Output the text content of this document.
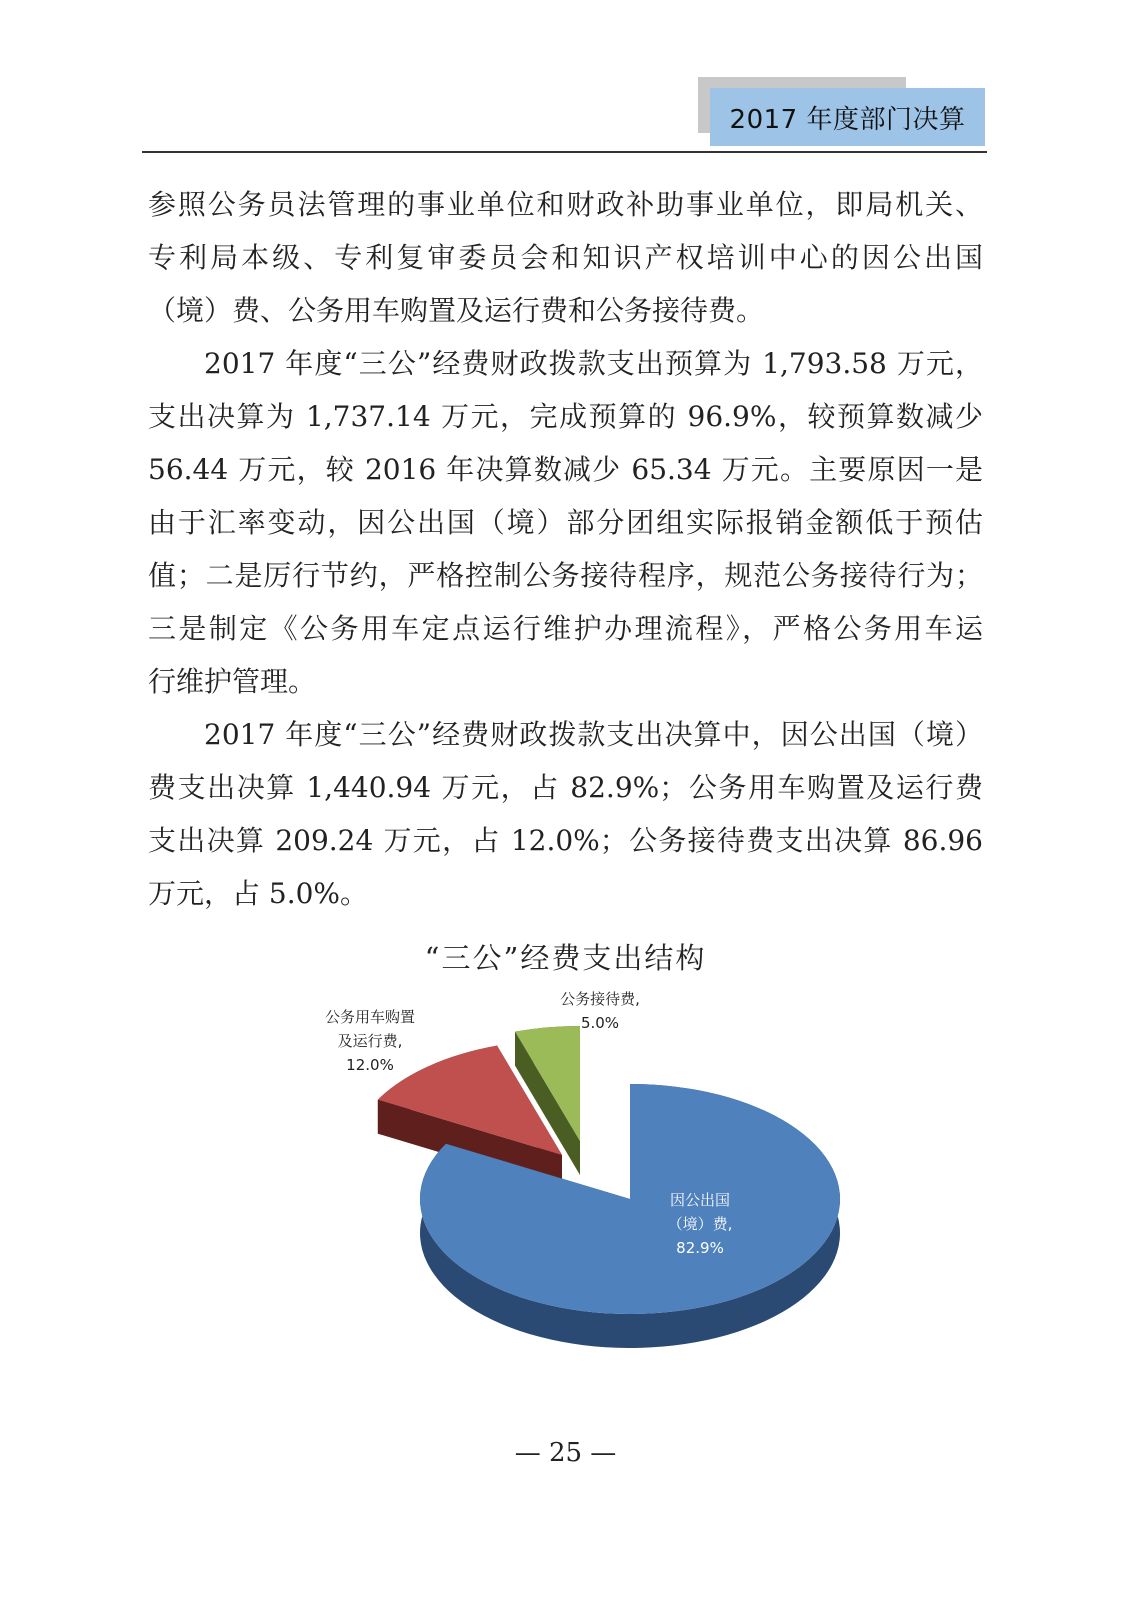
2017 年度部门决算
参照公务员法管理的事业单位和财政补助事业单位，即局机关、
专利局本级、专利复审委员会和知识产权培训中心的因公出国
（境）费、公务用车购置及运行费和公务接待费。
2017 年度“三公”经费财政拨款支出预算为 1,793.58 万元，
支出决算为 1,737.14 万元，完成预算的 96.9%，较预算数减少
56.44 万元，较 2016 年决算数减少 65.34 万元。主要原因一是
由于汇率变动，因公出国（境）部分团组实际报销金额低于预估
值；二是厉行节约，严格控制公务接待程序，规范公务接待行为；
三是制定《公务用车定点运行维护办理流程》，严格公务用车运
行维护管理。
2017 年度“三公”经费财政拨款支出决算中，因公出国（境）
费支出决算 1,440.94 万元，占 82.9%；公务用车购置及运行费
支出决算 209.24 万元，占 12.0%；公务接待费支出决算 86.96
万元，占 5.0%。
“三公”经费支出结构
因公出国（境）费, 82.9%
公务用车购置及运行费, 12.0%
公务接待费, 5.0%
— 25 —
